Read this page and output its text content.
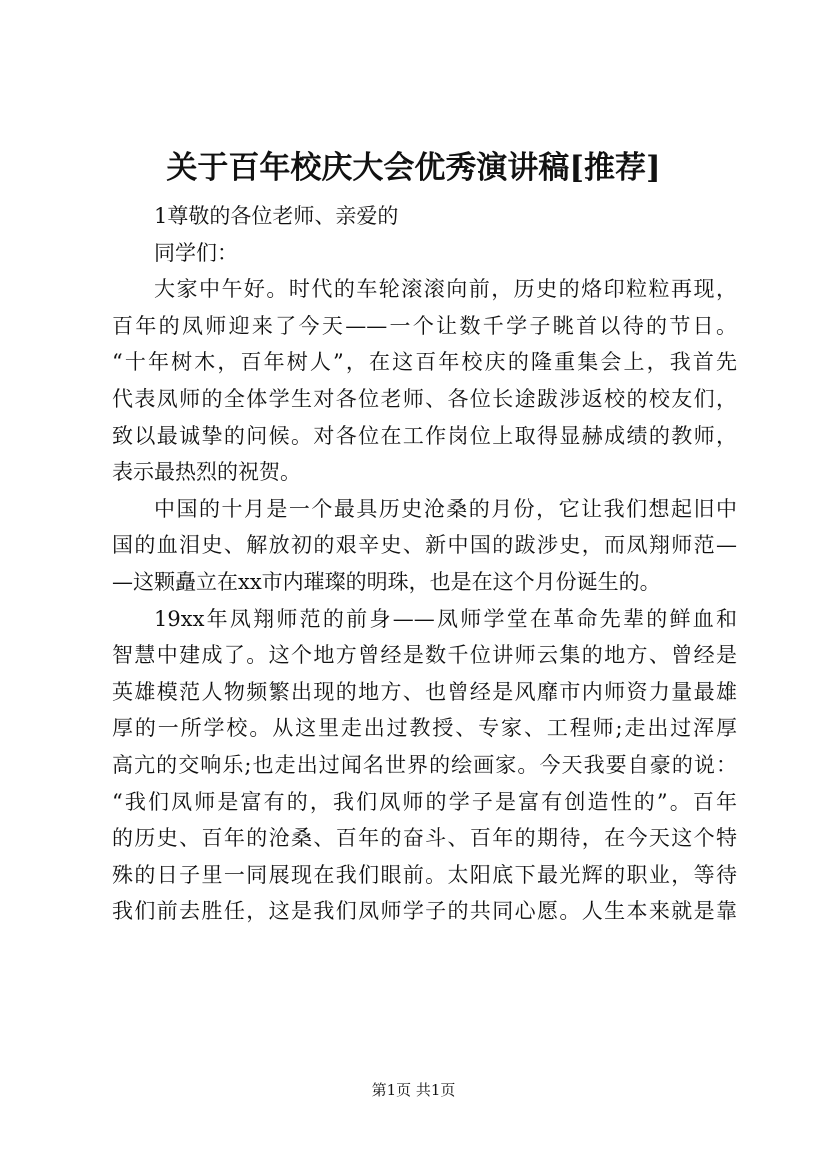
关于百年校庆大会优秀演讲稿[推荐]
1尊敬的各位老师、亲爱的
同学们：
大家中午好。时代的车轮滚滚向前，历史的烙印粒粒再现，
百年的凤师迎来了今天——一个让数千学子眺首以待的节日。
“十年树木，百年树人”，在这百年校庆的隆重集会上，我首先
代表凤师的全体学生对各位老师、各位长途跋涉返校的校友们，
致以最诚挚的问候。对各位在工作岗位上取得显赫成绩的教师，
表示最热烈的祝贺。
中国的十月是一个最具历史沧桑的月份，它让我们想起旧中
国的血泪史、解放初的艰辛史、新中国的跋涉史，而凤翔师范—
—这颗矗立在xx市内璀璨的明珠，也是在这个月份诞生的。
19xx年凤翔师范的前身——凤师学堂在革命先辈的鲜血和
智慧中建成了。这个地方曾经是数千位讲师云集的地方、曾经是
英雄模范人物频繁出现的地方、也曾经是风靡市内师资力量最雄
厚的一所学校。从这里走出过教授、专家、工程师;走出过浑厚
高亢的交响乐;也走出过闻名世界的绘画家。今天我要自豪的说：
“我们凤师是富有的，我们凤师的学子是富有创造性的”。百年
的历史、百年的沧桑、百年的奋斗、百年的期待，在今天这个特
殊的日子里一同展现在我们眼前。太阳底下最光辉的职业，等待
我们前去胜任，这是我们凤师学子的共同心愿。人生本来就是靠
第1页 共1页
